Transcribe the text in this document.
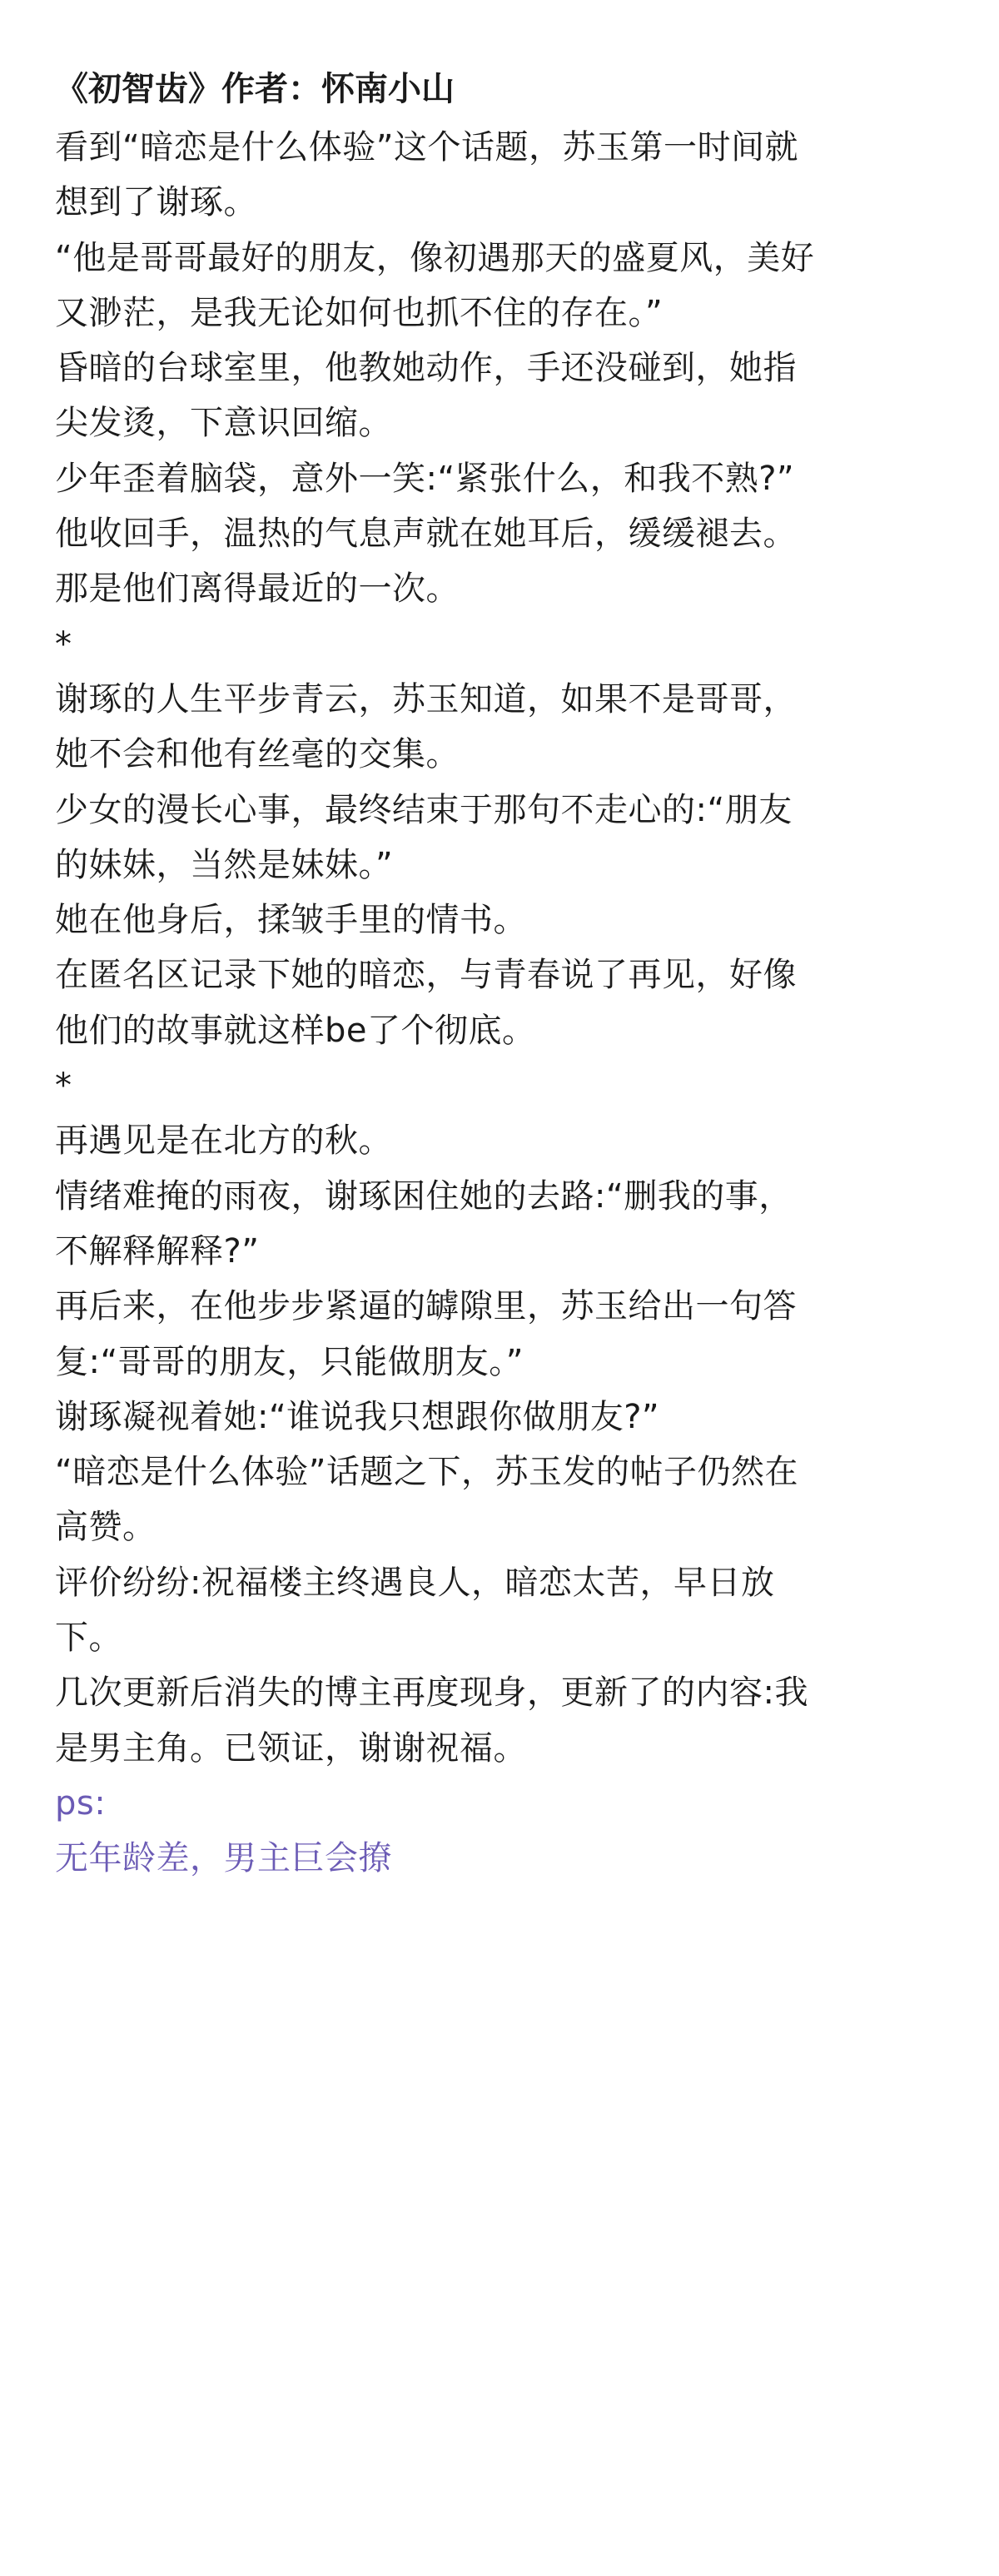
《初智齿》作者：怀南小山
看到“暗恋是什么体验”这个话题，苏玉第一时间就
想到了谢琢。
“他是哥哥最好的朋友，像初遇那天的盛夏风，美好
又渺茫，是我无论如何也抓不住的存在。”
昏暗的台球室里，他教她动作，手还没碰到，她指
尖发烫，下意识回缩。
少年歪着脑袋，意外一笑:“紧张什么，和我不熟?”
他收回手，温热的气息声就在她耳后，缓缓褪去。
那是他们离得最近的一次。
*
谢琢的人生平步青云，苏玉知道，如果不是哥哥，
她不会和他有丝毫的交集。
少女的漫长心事，最终结束于那句不走心的:“朋友
的妹妹，当然是妹妹。”
她在他身后，揉皱手里的情书。
在匿名区记录下她的暗恋，与青春说了再见，好像
他们的故事就这样be了个彻底。
*
再遇见是在北方的秋。
情绪难掩的雨夜，谢琢困住她的去路:“删我的事，
不解释解释?”
再后来，在他步步紧逼的罅隙里，苏玉给出一句答
复:“哥哥的朋友，只能做朋友。”
谢琢凝视着她:“谁说我只想跟你做朋友?”
“暗恋是什么体验”话题之下，苏玉发的帖子仍然在
高赞。
评价纷纷:祝福楼主终遇良人，暗恋太苦，早日放
下。
几次更新后消失的博主再度现身，更新了的内容:我
是男主角。已领证，谢谢祝福。
ps:
无年龄差，男主巨会撩
